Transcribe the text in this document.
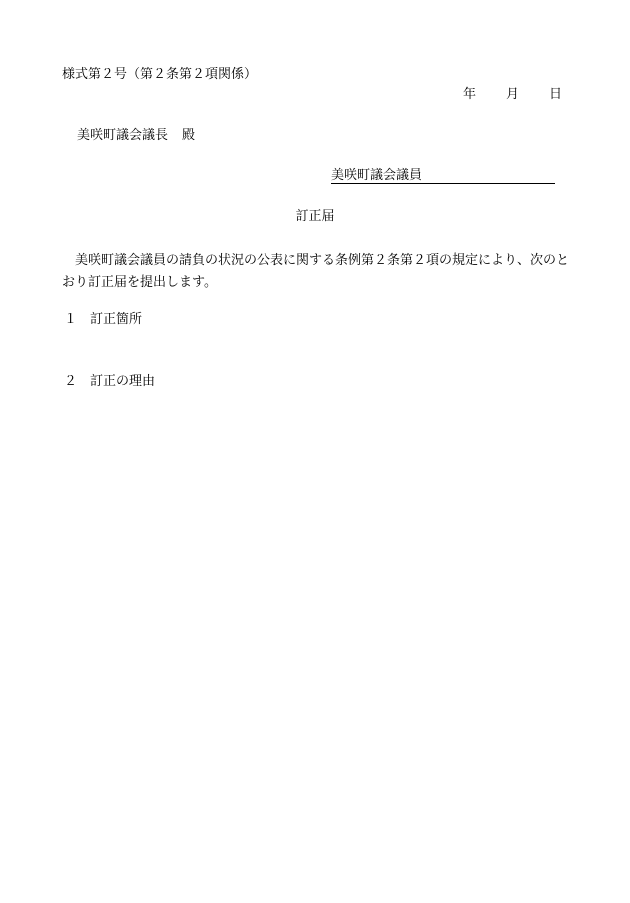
様式第２号（第２条第２項関係）
年 月 日
美咲町議会議長 殿
美咲町議会議員
訂正届
美咲町議会議員の請負の状況の公表に関する条例第２条第２項の規定により、次のとおり訂正届を提出します。
１ 訂正箇所
２ 訂正の理由
